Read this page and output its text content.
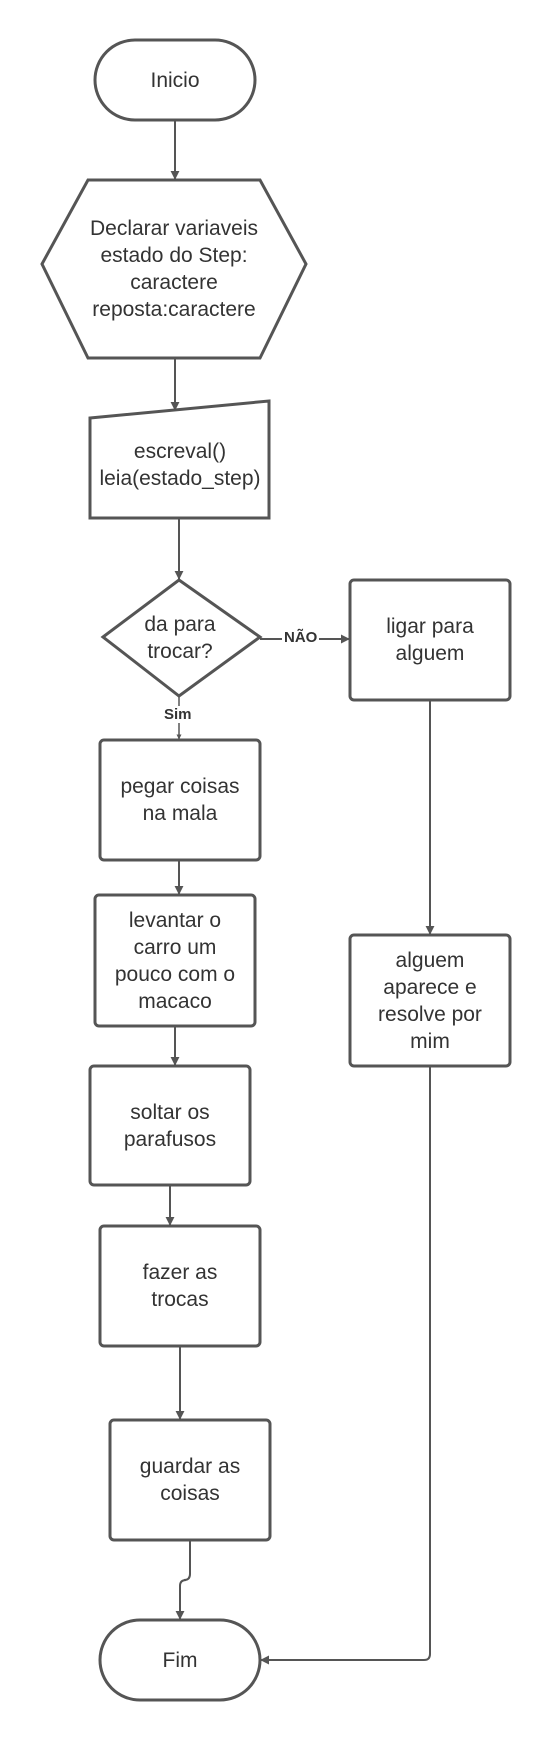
Inicio
Declarar variaveis
estado do Step:
caractere
reposta:caractere
escreval()
leia(estado_step)
da para
trocar?
ligar para
alguem
alguem
aparece e
resolve por
mim
pegar coisas
na mala
levantar o
carro um
pouco com o
macaco
soltar os
parafusos
fazer as
trocas
guardar as
coisas
Fim
NÃO
Sim
